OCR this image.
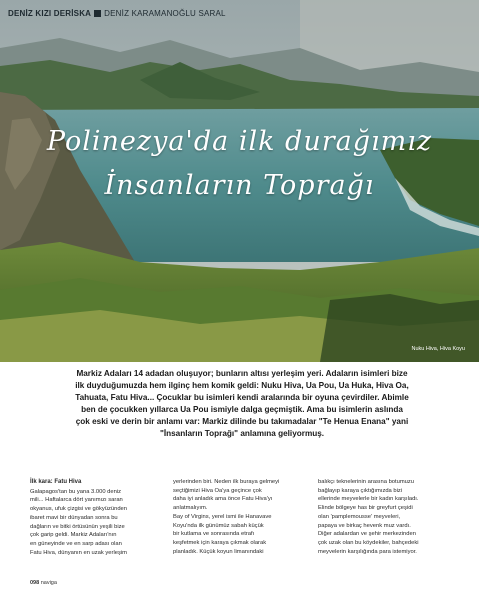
DENİZ KIZI DERİSKA DENİZ KARAMANOĞLU SARAL
Polinezya'da ilk durağımız
İnsanların Toprağı
Nuku Hiva, Hiva Koyu
Markiz Adaları 14 adadan oluşuyor; bunların altısı yerleşim yeri. Adaların isimleri bize
ilk duyduğumuzda hem ilginç hem komik geldi: Nuku Hiva, Ua Pou, Ua Huka, Hiva Oa,
Tahuata, Fatu Hiva... Çocuklar bu isimleri kendi aralarında bir oyuna çevirdiler. Abimle
ben de çocukken yıllarca Ua Pou ismiyle dalga geçmiştik. Ama bu isimlerin aslında
çok eski ve derin bir anlamı var: Markiz dilinde bu takımadalar "Te Henua Enana" yani
"İnsanların Toprağı" anlamına geliyormuş.
İlk kara: Fatu Hiva
Galapagos'tan bu yana 3.000 deniz
mili... Haftalarca dört yanımızı saran
okyanus, ufuk çizgisi ve gökyüzünden
ibaret mavi bir dünyadan sonra bu
dağların ve bitki örtüsünün yeşili bize
çok garip geldi. Markiz Adaları'nın
en güneyinde ve en sarp adası olan
Fatu Hiva, dünyanın en uzak yerleşim
yerlerinden biri. Neden ilk buraya gelmeyi
seçtiğimizi Hiva Oa'ya geçince çok
daha iyi anladık ama önce Fatu Hiva'yı
anlatmalıyım.
Bay of Virgins, yerel ismi ile Hanavave
Koyu'nda ilk günümüz sabah küçük
bir kutlama ve sonrasında etrafı
keşfetmek için karaya çıkmak olarak
planladık. Küçük koyun limanındaki
balıkçı teknelerinin arasına botumuzu
bağlayıp karaya çıktığımızda bizi
ellerinde meyvelerle bir kadın karşıladı.
Elinde bölgeye has bir greyfurt çeşidi
olan 'pamplemousse' meyveleri,
papaya ve birkaç hevenk muz vardı.
Diğer adalardan ve şehir merkezinden
çok uzak olan bu köydekiler, bahçedeki
meyvelerin karşılığında para istemiyor.
098 naviga
